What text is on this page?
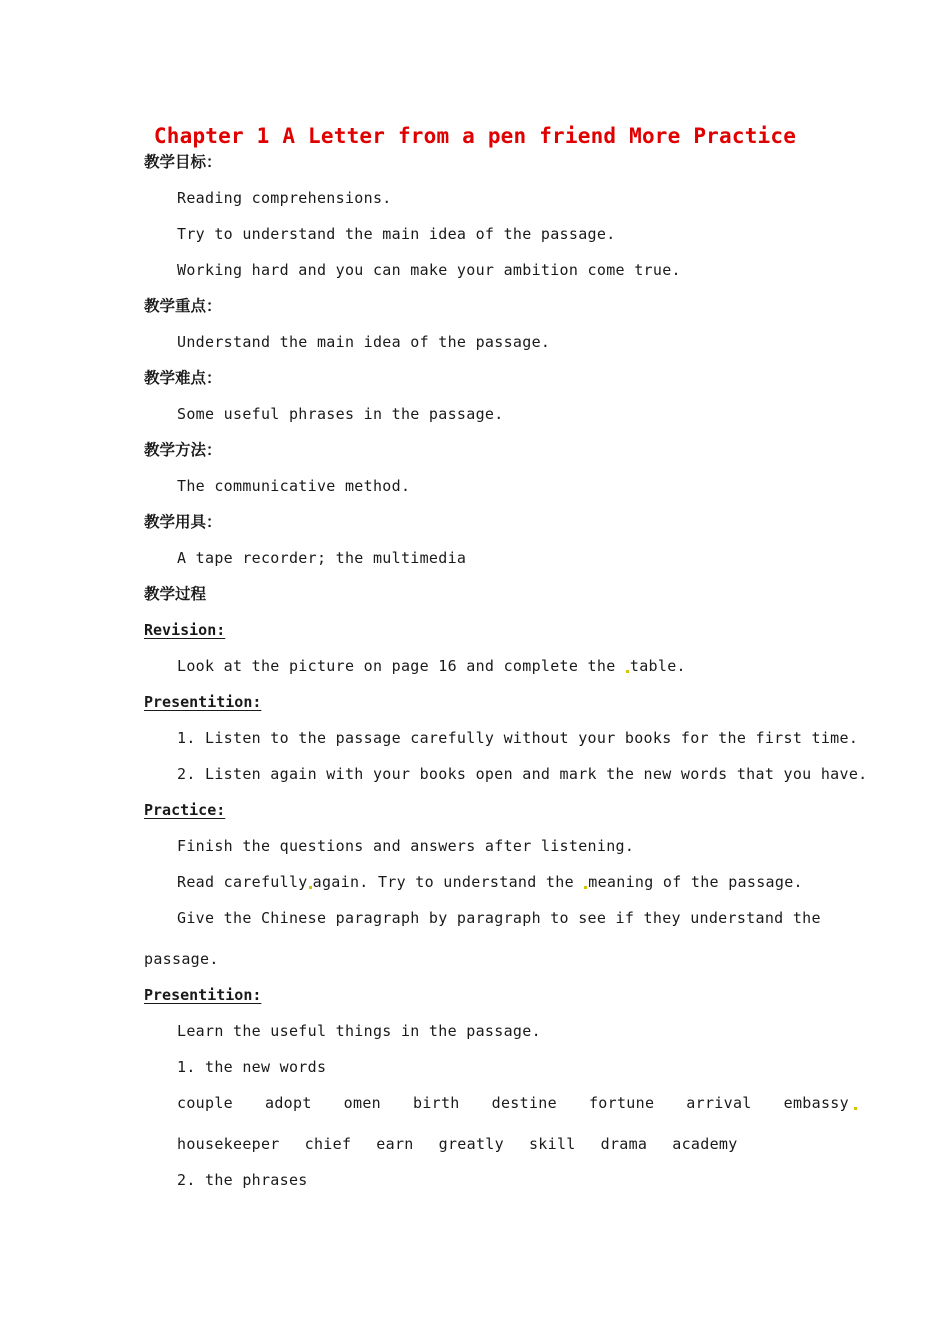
Chapter 1 A Letter from a pen friend More Practice
教学目标：
Reading comprehensions.
Try to understand the main idea of the passage.
Working hard and you can make your ambition come true.
教学重点：
Understand the main idea of the passage.
教学难点：
Some useful phrases in the passage.
教学方法：
The communicative method.
教学用具：
A tape recorder; the multimedia
教学过程
Revision:
Look at the picture on page 16 and complete the table.
Presentition:
1. Listen to the passage carefully without your books for the first time.
2. Listen again with your books open and mark the new words that you have.
Practice:
Finish the questions and answers after listening.
Read carefully again. Try to understand the meaning of the passage.
Give the Chinese paragraph by paragraph to see if they understand the
passage.
Presentition:
Learn the useful things in the passage.
1. the new words
couple adopt omen birth destine fortune arrival embassy
housekeeper chief earn greatly skill drama academy
2. the phrases
